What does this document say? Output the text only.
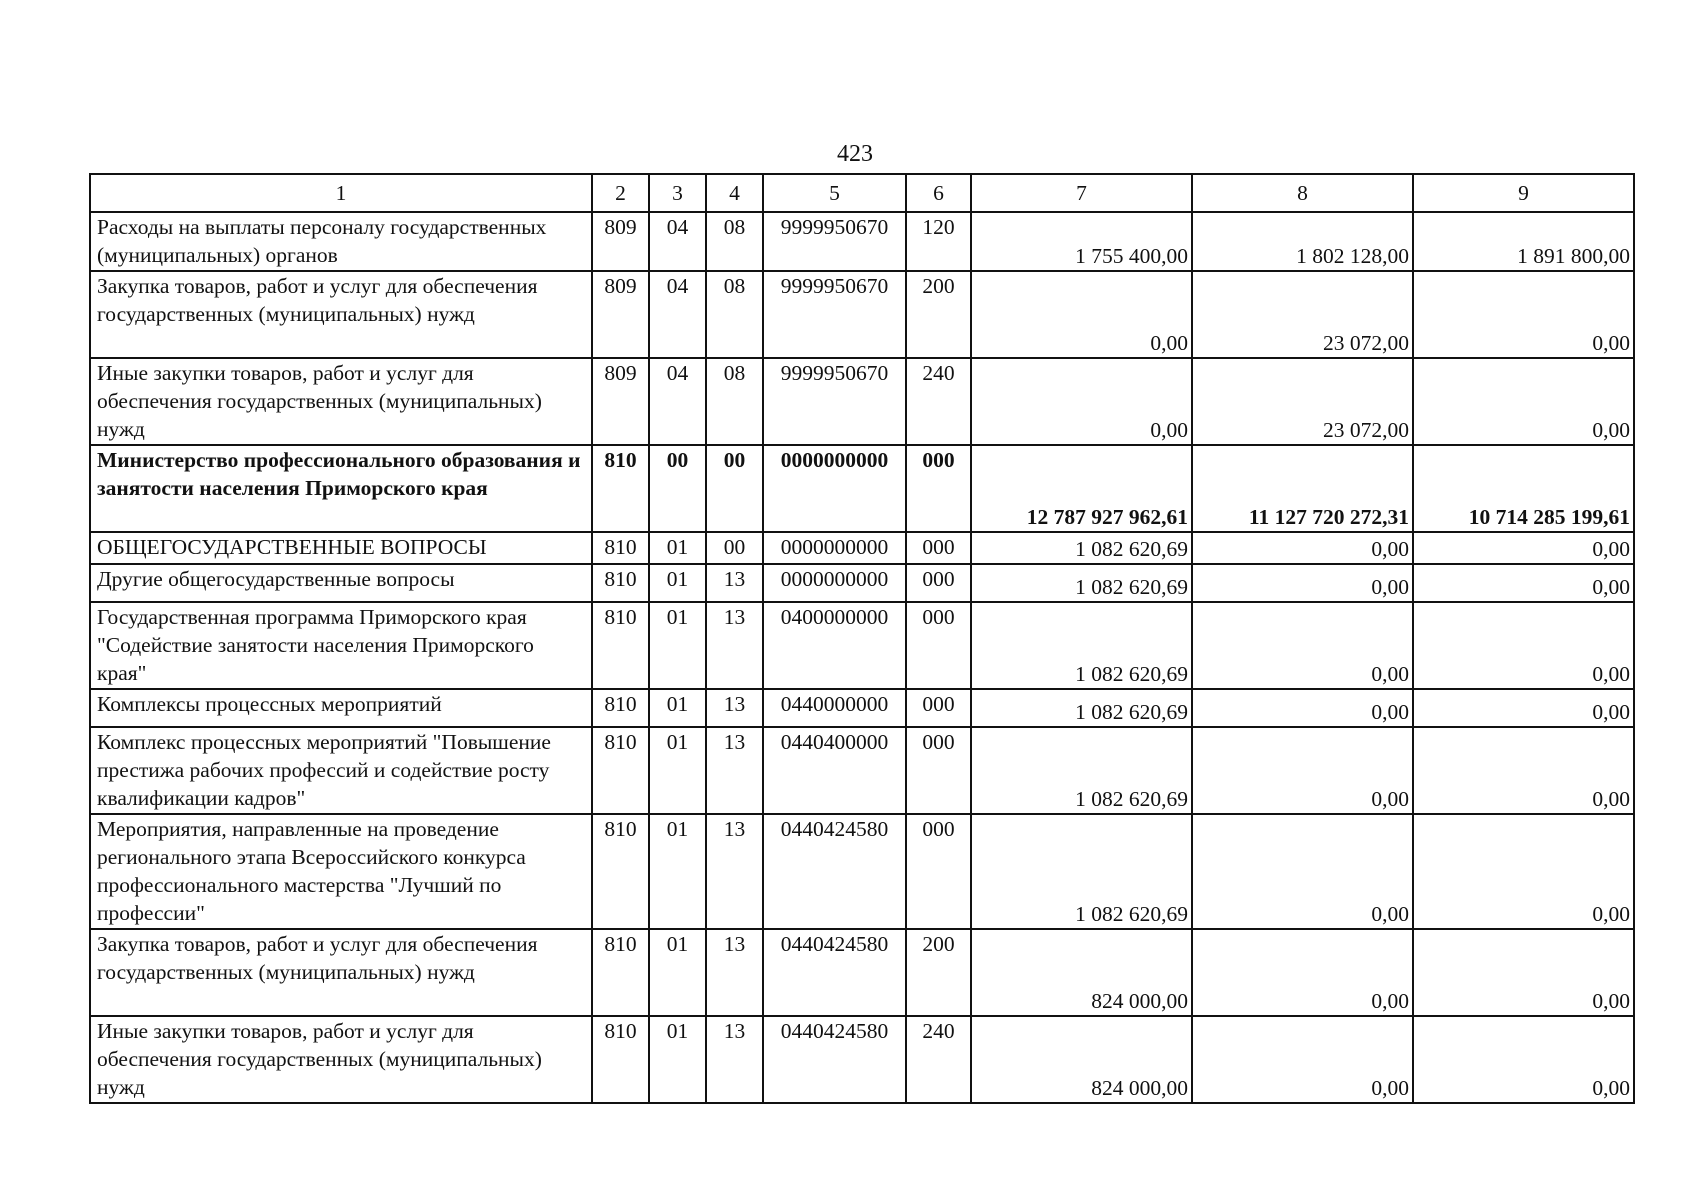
423
1	2	3	4	5	6	7	8	9
Расходы на выплаты персоналу государственных (муниципальных) органов	809	04	08	9999950670	120	1 755 400,00	1 802 128,00	1 891 800,00
Закупка товаров, работ и услуг для обеспечения государственных (муниципальных) нужд	809	04	08	9999950670	200	0,00	23 072,00	0,00
Иные закупки товаров, работ и услуг для обеспечения государственных (муниципальных) нужд	809	04	08	9999950670	240	0,00	23 072,00	0,00
Министерство профессионального образования и занятости населения Приморского края	810	00	00	0000000000	000	12 787 927 962,61	11 127 720 272,31	10 714 285 199,61
ОБЩЕГОСУДАРСТВЕННЫЕ ВОПРОСЫ	810	01	00	0000000000	000	1 082 620,69	0,00	0,00
Другие общегосударственные вопросы	810	01	13	0000000000	000	1 082 620,69	0,00	0,00
Государственная программа Приморского края "Содействие занятости населения Приморского края"	810	01	13	0400000000	000	1 082 620,69	0,00	0,00
Комплексы процессных мероприятий	810	01	13	0440000000	000	1 082 620,69	0,00	0,00
Комплекс процессных мероприятий "Повышение престижа рабочих профессий и содействие росту квалификации кадров"	810	01	13	0440400000	000	1 082 620,69	0,00	0,00
Мероприятия, направленные на проведение регионального этапа Всероссийского конкурса профессионального мастерства "Лучший по профессии"	810	01	13	0440424580	000	1 082 620,69	0,00	0,00
Закупка товаров, работ и услуг для обеспечения государственных (муниципальных) нужд	810	01	13	0440424580	200	824 000,00	0,00	0,00
Иные закупки товаров, работ и услуг для обеспечения государственных (муниципальных) нужд	810	01	13	0440424580	240	824 000,00	0,00	0,00
